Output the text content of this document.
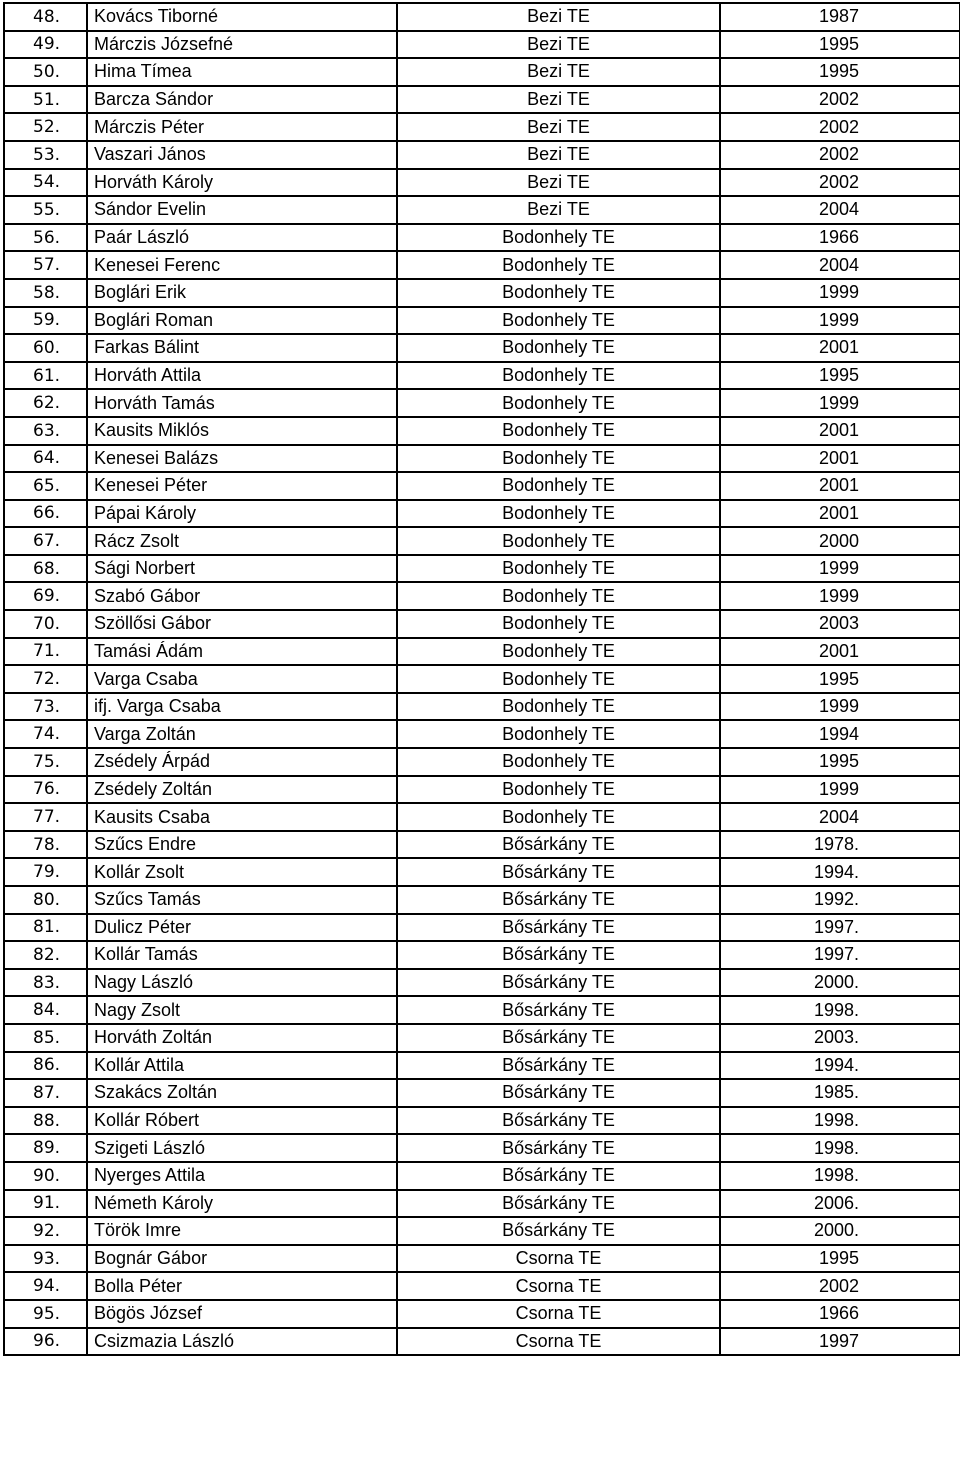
48.	Kovács Tiborné	Bezi TE	1987
49.	Márczis Józsefné	Bezi TE	1995
50.	Hima Tímea	Bezi TE	1995
51.	Barcza Sándor	Bezi TE	2002
52.	Márczis Péter	Bezi TE	2002
53.	Vaszari János	Bezi TE	2002
54.	Horváth Károly	Bezi TE	2002
55.	Sándor Evelin	Bezi TE	2004
56.	Paár László	Bodonhely TE	1966
57.	Kenesei Ferenc	Bodonhely TE	2004
58.	Boglári Erik	Bodonhely TE	1999
59.	Boglári Roman	Bodonhely TE	1999
60.	Farkas Bálint	Bodonhely TE	2001
61.	Horváth Attila	Bodonhely TE	1995
62.	Horváth Tamás	Bodonhely TE	1999
63.	Kausits Miklós	Bodonhely TE	2001
64.	Kenesei Balázs	Bodonhely TE	2001
65.	Kenesei Péter	Bodonhely TE	2001
66.	Pápai Károly	Bodonhely TE	2001
67.	Rácz Zsolt	Bodonhely TE	2000
68.	Sági Norbert	Bodonhely TE	1999
69.	Szabó Gábor	Bodonhely TE	1999
70.	Szöllősi Gábor	Bodonhely TE	2003
71.	Tamási Ádám	Bodonhely TE	2001
72.	Varga Csaba	Bodonhely TE	1995
73.	ifj. Varga Csaba	Bodonhely TE	1999
74.	Varga Zoltán	Bodonhely TE	1994
75.	Zsédely Árpád	Bodonhely TE	1995
76.	Zsédely Zoltán	Bodonhely TE	1999
77.	Kausits Csaba	Bodonhely TE	2004
78.	Szűcs Endre	Bősárkány TE	1978.
79.	Kollár Zsolt	Bősárkány TE	1994.
80.	Szűcs Tamás	Bősárkány TE	1992.
81.	Dulicz Péter	Bősárkány TE	1997.
82.	Kollár Tamás	Bősárkány TE	1997.
83.	Nagy László	Bősárkány TE	2000.
84.	Nagy Zsolt	Bősárkány TE	1998.
85.	Horváth Zoltán	Bősárkány TE	2003.
86.	Kollár Attila	Bősárkány TE	1994.
87.	Szakács Zoltán	Bősárkány TE	1985.
88.	Kollár Róbert	Bősárkány TE	1998.
89.	Szigeti László	Bősárkány TE	1998.
90.	Nyerges Attila	Bősárkány TE	1998.
91.	Németh Károly	Bősárkány TE	2006.
92.	Török Imre	Bősárkány TE	2000.
93.	Bognár Gábor	Csorna TE	1995
94.	Bolla Péter	Csorna TE	2002
95.	Bögös József	Csorna TE	1966
96.	Csizmazia László	Csorna TE	1997
